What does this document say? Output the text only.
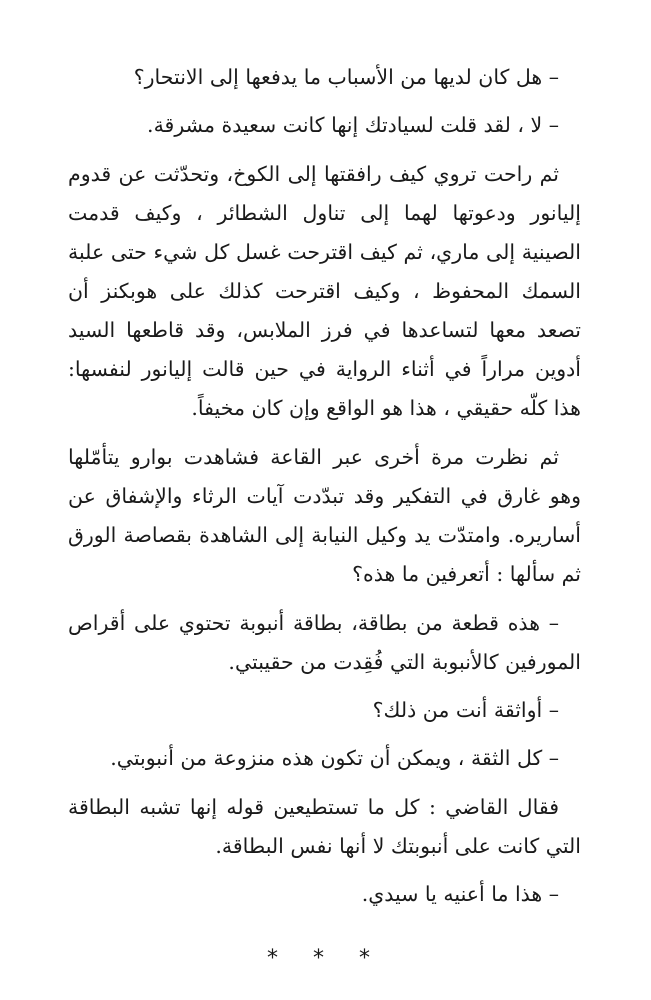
– هل كان لديها من الأسباب ما يدفعها إلى الانتحار؟

– لا ، لقد قلت لسيادتك إنها كانت سعيدة مشرقة.

ثم راحت تروي كيف رافقتها إلى الكوخ، وتحدّثت عن قدوم إليانور ودعوتها لهما إلى تناول الشطائر ، وكيف قدمت الصينية إلى ماري، ثم كيف اقترحت غسل كل شيء حتى علبة السمك المحفوظ ، وكيف اقترحت كذلك على هوبكنز أن تصعد معها لتساعدها في فرز الملابس، وقد قاطعها السيد أدوين مراراً في أثناء الرواية في حين قالت إليانور لنفسها: هذا كلّه حقيقي ، هذا هو الواقع وإن كان مخيفاً.

ثم نظرت مرة أخرى عبر القاعة فشاهدت بوارو يتأمّلها وهو غارق في التفكير وقد تبدّدت آيات الرثاء والإشفاق عن أساريره. وامتدّت يد وكيل النيابة إلى الشاهدة بقصاصة الورق ثم سألها : أتعرفين ما هذه؟

– هذه قطعة من بطاقة، بطاقة أنبوبة تحتوي على أقراص المورفين كالأنبوبة التي فُقِدت من حقيبتي.

– أواثقة أنت من ذلك؟

– كل الثقة ، ويمكن أن تكون هذه منزوعة من أنبوبتي.

فقال القاضي : كل ما تستطيعين قوله إنها تشبه البطاقة التي كانت على أنبوبتك لا أنها نفس البطاقة.

– هذا ما أعنيه يا سيدي.

* * *
